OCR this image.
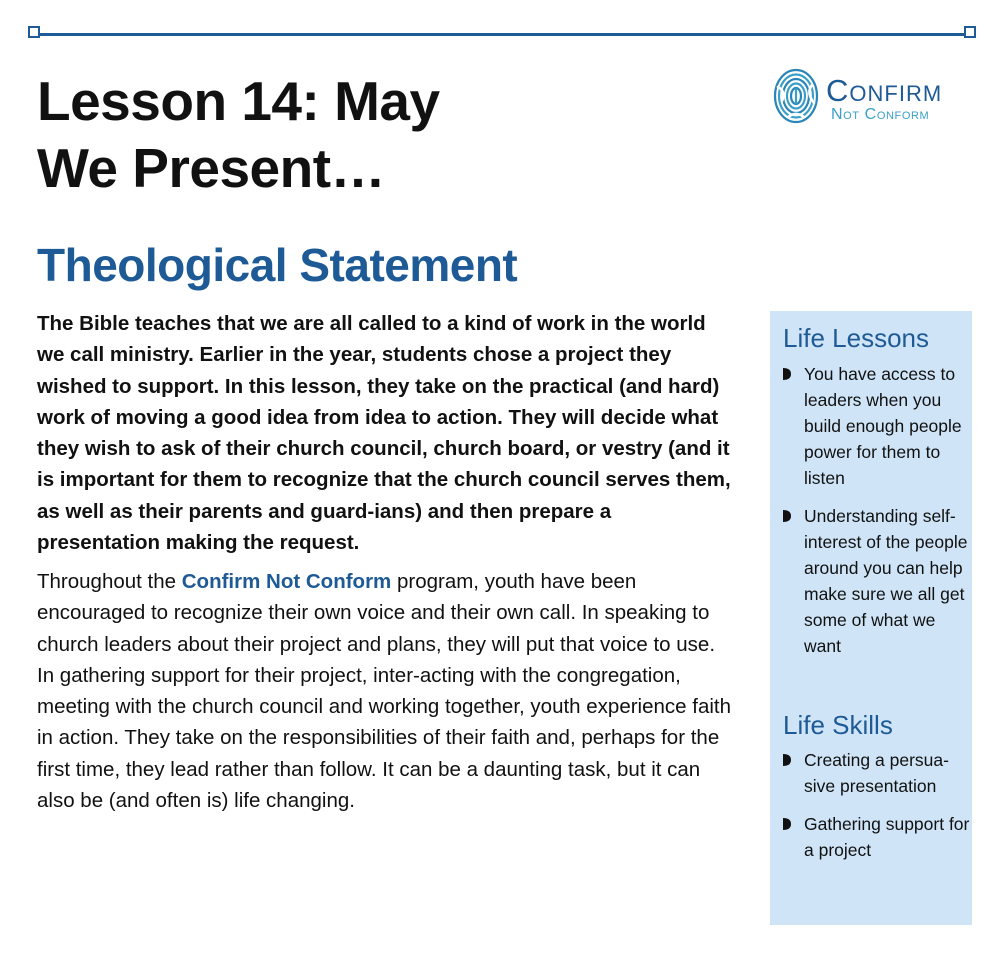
Lesson 14: May
We Present…
Confirm
Not Conform
Theological Statement

The Bible teaches that we are all called to a kind of work in the world we call ministry. Earlier in the year, students chose a project they wished to support. In this lesson, they take on the practical (and hard) work of moving a good idea from idea to action. They will decide what they wish to ask of their church council, church board, or vestry (and it is important for them to recognize that the church council serves them, as well as their parents and guard-ians) and then prepare a presentation making the request.

Throughout the Confirm Not Conform program, youth have been encouraged to recognize their own voice and their own call. In speaking to church leaders about their project and plans, they will put that voice to use. In gathering support for their project, inter-acting with the congregation, meeting with the church council and working together, youth experience faith in action. They take on the responsibilities of their faith and, perhaps for the first time, they lead rather than follow. It can be a daunting task, but it can also be (and often is) life changing.

Life Lessons
You have access to leaders when you build enough people power for them to listen
Understanding self-interest of the people around you can help make sure we all get some of what we want
Life Skills
Creating a persua-sive presentation
Gathering support for a project
